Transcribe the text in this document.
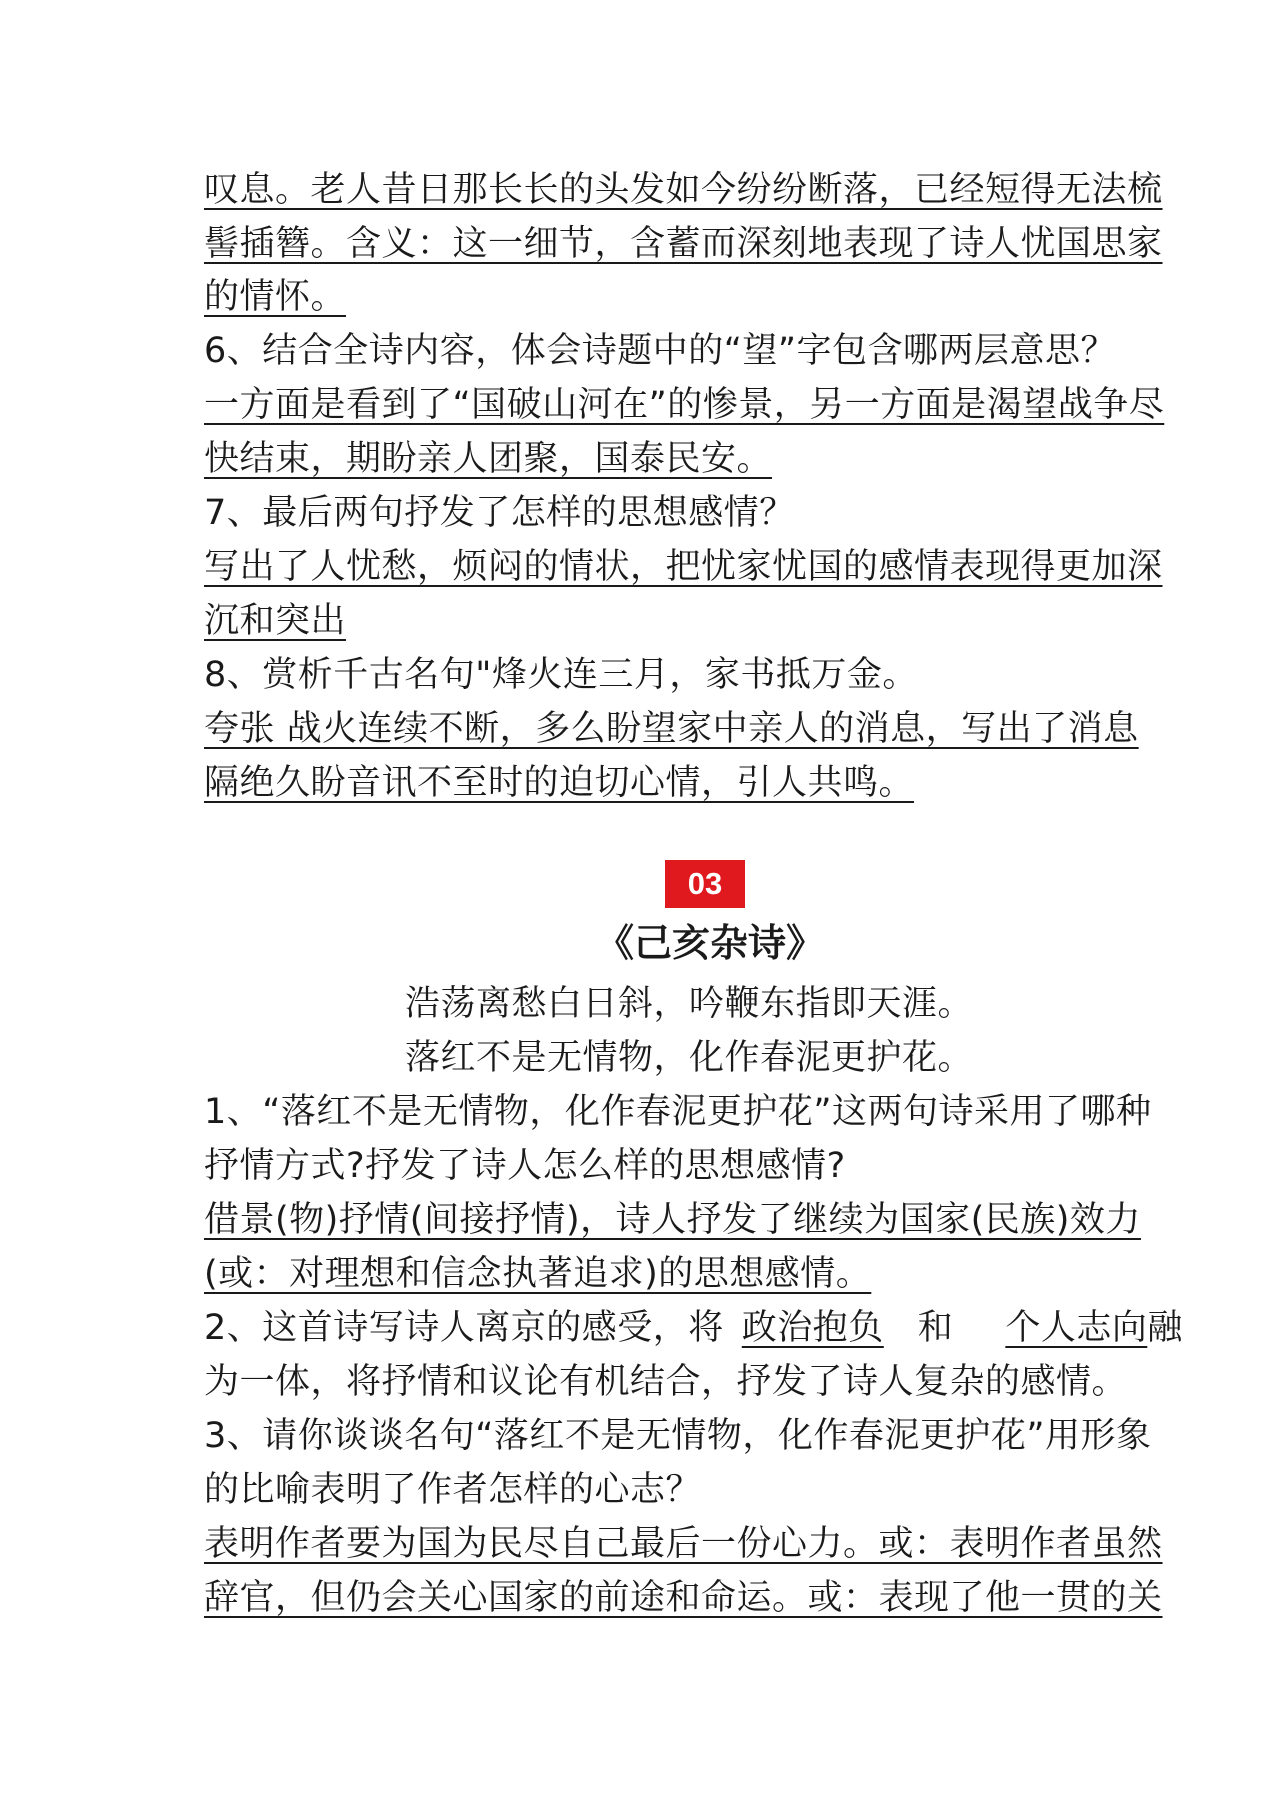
叹息。老人昔日那长长的头发如今纷纷断落，已经短得无法梳
髻插簪。含义：这一细节，含蓄而深刻地表现了诗人忧国思家
的情怀。
6、结合全诗内容，体会诗题中的“望”字包含哪两层意思？
一方面是看到了“国破山河在”的惨景，另一方面是渴望战争尽
快结束，期盼亲人团聚，国泰民安。
7、最后两句抒发了怎样的思想感情？
写出了人忧愁，烦闷的情状，把忧家忧国的感情表现得更加深
沉和突出
8、赏析千古名句"烽火连三月，家书抵万金。
夸张 战火连续不断，多么盼望家中亲人的消息，写出了消息
隔绝久盼音讯不至时的迫切心情，引人共鸣。
03
《己亥杂诗》
浩荡离愁白日斜，吟鞭东指即天涯。
落红不是无情物，化作春泥更护花。
1、“落红不是无情物，化作春泥更护花”这两句诗采用了哪种
抒情方式?抒发了诗人怎么样的思想感情?
借景(物)抒情(间接抒情)，诗人抒发了继续为国家(民族)效力
(或：对理想和信念执著追求)的思想感情。
2、这首诗写诗人离京的感受，将 政治抱负 和 个人志向融
为一体，将抒情和议论有机结合，抒发了诗人复杂的感情。
3、请你谈谈名句“落红不是无情物，化作春泥更护花”用形象
的比喻表明了作者怎样的心志？
表明作者要为国为民尽自己最后一份心力。或：表明作者虽然
辞官，但仍会关心国家的前途和命运。或：表现了他一贯的关
